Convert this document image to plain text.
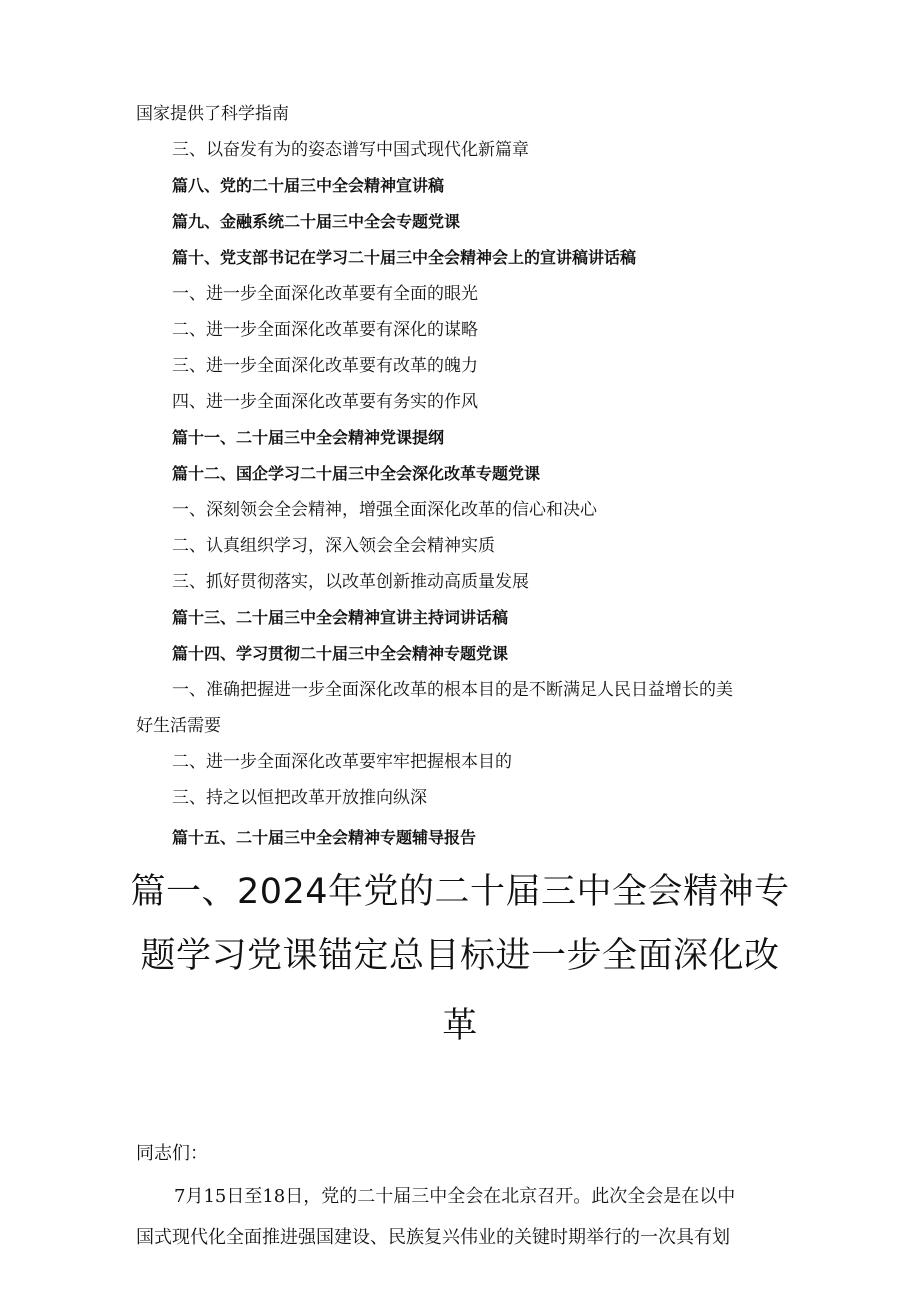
国家提供了科学指南
三、以奋发有为的姿态谱写中国式现代化新篇章
篇八、党的二十届三中全会精神宣讲稿
篇九、金融系统二十届三中全会专题党课
篇十、党支部书记在学习二十届三中全会精神会上的宣讲稿讲话稿
一、进一步全面深化改革要有全面的眼光
二、进一步全面深化改革要有深化的谋略
三、进一步全面深化改革要有改革的魄力
四、进一步全面深化改革要有务实的作风
篇十一、二十届三中全会精神党课提纲
篇十二、国企学习二十届三中全会深化改革专题党课
一、深刻领会全会精神，增强全面深化改革的信心和决心
二、认真组织学习，深入领会全会精神实质
三、抓好贯彻落实，以改革创新推动高质量发展
篇十三、二十届三中全会精神宣讲主持词讲话稿
篇十四、学习贯彻二十届三中全会精神专题党课
一、准确把握进一步全面深化改革的根本目的是不断满足人民日益增长的美
好生活需要
二、进一步全面深化改革要牢牢把握根本目的
三、持之以恒把改革开放推向纵深
篇十五、二十届三中全会精神专题辅导报告
篇一、2024年党的二十届三中全会精神专
题学习党课锚定总目标进一步全面深化改
革
同志们：
7月15日至18日，党的二十届三中全会在北京召开。此次全会是在以中
国式现代化全面推进强国建设、民族复兴伟业的关键时期举行的一次具有划
